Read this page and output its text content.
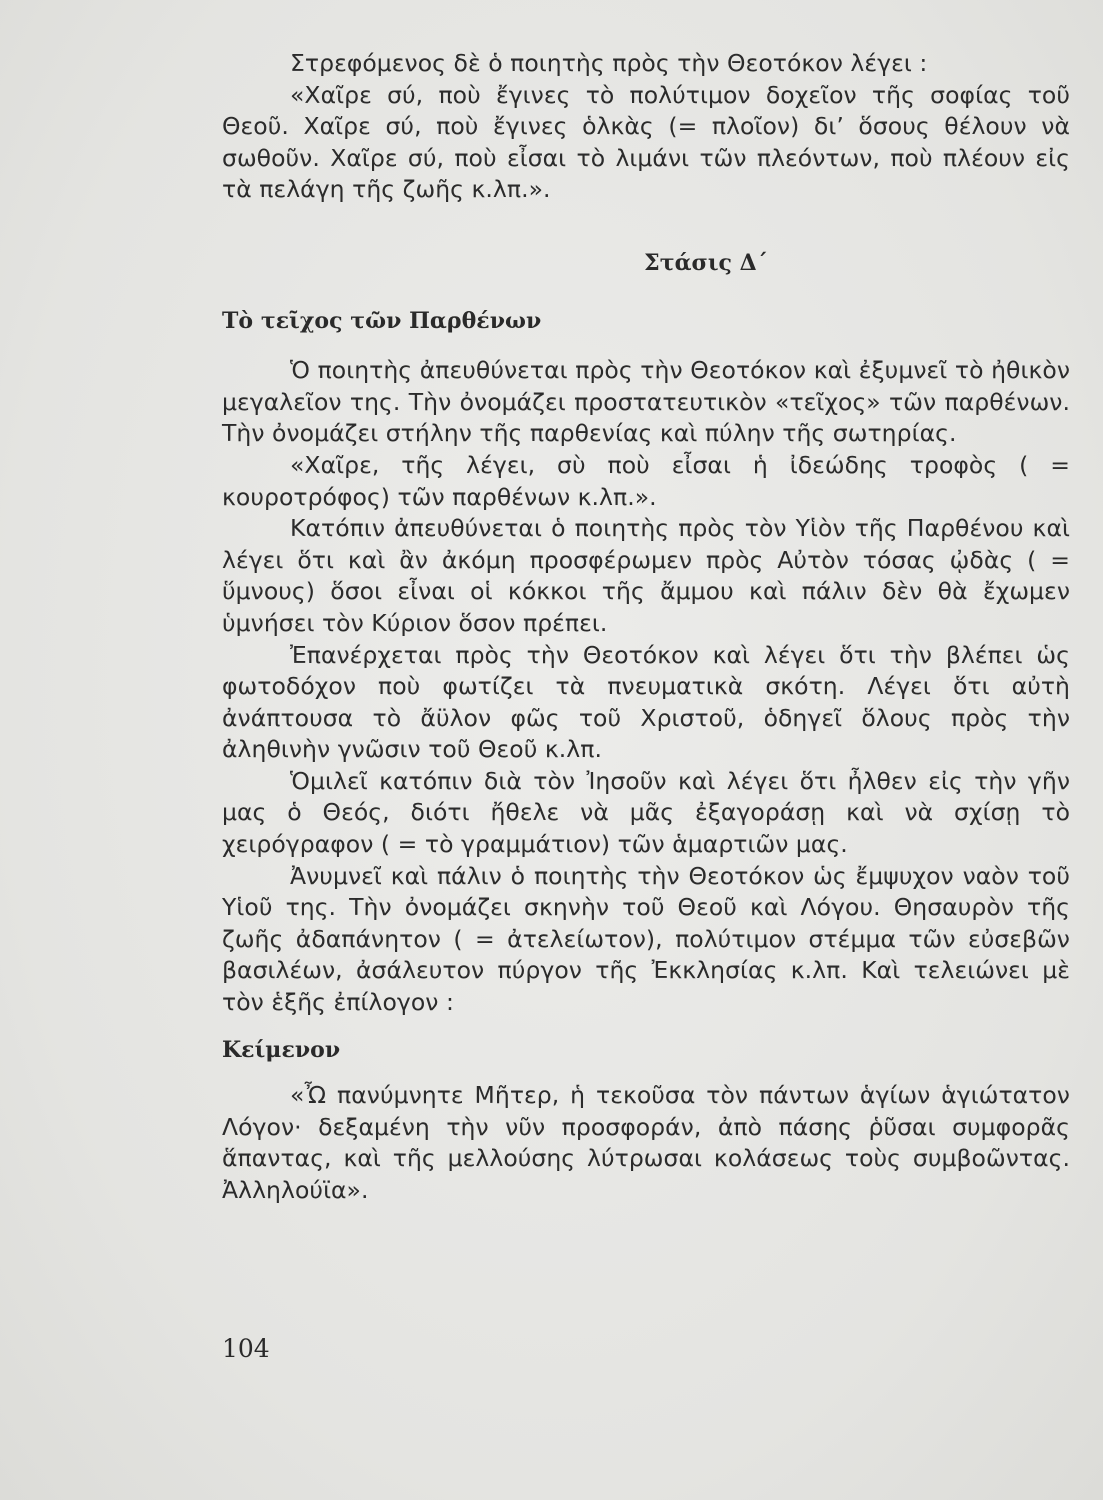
Στρεφόμενος δὲ ὁ ποιητὴς πρὸς τὴν Θεοτόκον λέγει :

«Χαῖρε σύ, ποὺ ἔγινες τὸ πολύτιμον δοχεῖον τῆς σοφίας τοῦ Θεοῦ. Χαῖρε σύ, ποὺ ἔγινες ὁλκὰς (= πλοῖον) δι’ ὅσους θέλουν νὰ σωθοῦν. Χαῖρε σύ, ποὺ εἶσαι τὸ λιμάνι τῶν πλεόντων, ποὺ πλέουν εἰς τὰ πελάγη τῆς ζωῆς κ.λπ.».

Στάσις Δ΄
Τὸ τεῖχος τῶν Παρθένων

Ὁ ποιητὴς ἀπευθύνεται πρὸς τὴν Θεοτόκον καὶ ἐξυμνεῖ τὸ ἠθικὸν μεγαλεῖον της. Τὴν ὀνομάζει προστατευτικὸν «τεῖχος» τῶν παρθένων. Τὴν ὀνομάζει στήλην τῆς παρθενίας καὶ πύλην τῆς σωτηρίας.

«Χαῖρε, τῆς λέγει, σὺ ποὺ εἶσαι ἡ ἰδεώδης τροφὸς ( = κουροτρόφος) τῶν παρθένων κ.λπ.».

Κατόπιν ἀπευθύνεται ὁ ποιητὴς πρὸς τὸν Υἱὸν τῆς Παρθένου καὶ λέγει ὅτι καὶ ἂν ἀκόμη προσφέρωμεν πρὸς Αὐτὸν τόσας ᾠδὰς ( = ὕμνους) ὅσοι εἶναι οἱ κόκκοι τῆς ἄμμου καὶ πάλιν δὲν θὰ ἔχωμεν ὑμνήσει τὸν Κύριον ὅσον πρέπει.

Ἐπανέρχεται πρὸς τὴν Θεοτόκον καὶ λέγει ὅτι τὴν βλέπει ὡς φωτοδόχον ποὺ φωτίζει τὰ πνευματικὰ σκότη. Λέγει ὅτι αὐτὴ ἀνάπτουσα τὸ ἄϋλον φῶς τοῦ Χριστοῦ, ὁδηγεῖ ὅλους πρὸς τὴν ἀληθινὴν γνῶσιν τοῦ Θεοῦ κ.λπ.

Ὁμιλεῖ κατόπιν διὰ τὸν Ἰησοῦν καὶ λέγει ὅτι ἦλθεν εἰς τὴν γῆν μας ὁ Θεός, διότι ἤθελε νὰ μᾶς ἐξαγοράσῃ καὶ νὰ σχίσῃ τὸ χειρόγραφον ( = τὸ γραμμάτιον) τῶν ἁμαρτιῶν μας.

Ἀνυμνεῖ καὶ πάλιν ὁ ποιητὴς τὴν Θεοτόκον ὡς ἔμψυχον ναὸν τοῦ Υἱοῦ της. Τὴν ὀνομάζει σκηνὴν τοῦ Θεοῦ καὶ Λόγου. Θησαυρὸν τῆς ζωῆς ἀδαπάνητον ( = ἀτελείωτον), πολύτιμον στέμμα τῶν εὐσεβῶν βασιλέων, ἀσάλευτον πύργον τῆς Ἐκκλησίας κ.λπ. Καὶ τελειώνει μὲ τὸν ἑξῆς ἐπίλογον :

Κείμενον

«Ὦ πανύμνητε Μῆτερ, ἡ τεκοῦσα τὸν πάντων ἁγίων ἁγιώτατον Λόγον· δεξαμένη τὴν νῦν προσφοράν, ἀπὸ πάσης ῥῦσαι συμφορᾶς ἅπαντας, καὶ τῆς μελλούσης λύτρωσαι κολάσεως τοὺς συμβοῶντας. Ἀλληλούϊα».

104
